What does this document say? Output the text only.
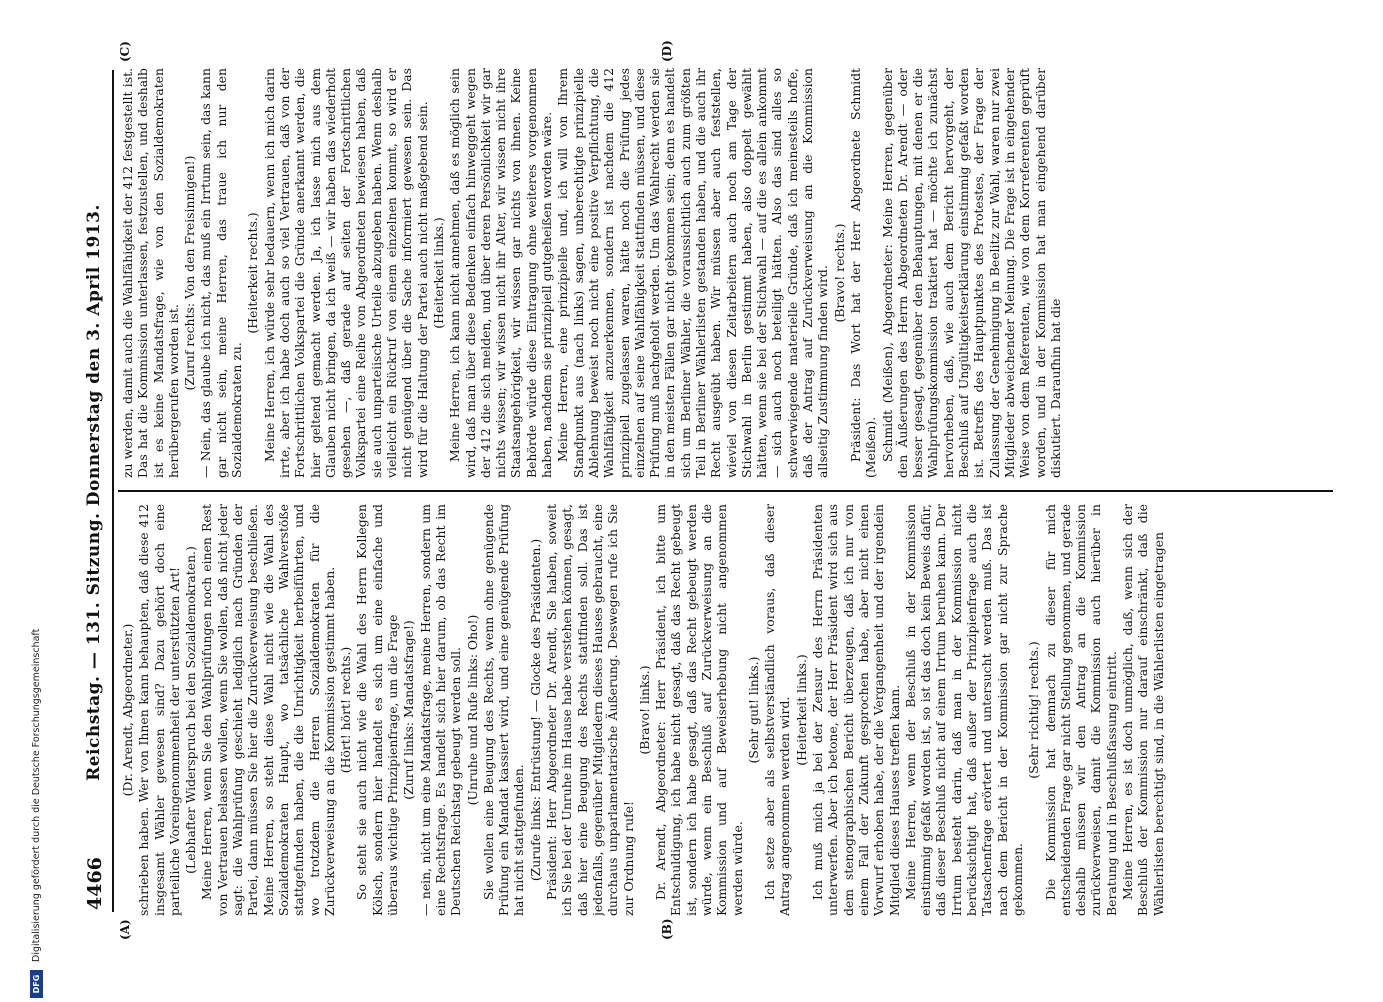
4466
Reichstag. — 131. Sitzung. Donnerstag den 3. April 1913.
(A)	(B)
(C)	(D)

(Dr. Arendt, Abgeordneter.) schrieben haben. Wer von Ihnen kann behaupten, daß diese 412 insgesamt Wähler gewesen sind? Dazu gehört doch eine parteiliche Voreingenommenheit der unterstützten Art! (Lebhafter Widerspruch bei den Sozialdemokraten.) Meine Herren, wenn Sie den Wahlprüfungen noch einen Rest von Vertrauen belassen wollen, wenn Sie wollen, daß nicht jeder sagt: die Wahlprüfung geschieht lediglich nach Gründen der Partei, dann müssen Sie hier die Zurückverweisung beschließen. Meine Herren, so steht diese Wahl nicht wie die Wahl des Sozialdemokraten Haupt, wo tatsächliche Wahlverstöße stattgefunden haben, die die Unrichtigkeit herbeiführten, und wo trotzdem die Herren Sozialdemokraten für die Zurückverweisung an die Kommission gestimmt haben. (Hört! hört! rechts.) So steht sie auch nicht wie die Wahl des Herrn Kollegen Kölsch, sondern hier handelt es sich um eine einfache und überaus wichtige Prinzipienfrage, um die Frage (Zuruf links: Mandatsfrage!) — nein, nicht um eine Mandatsfrage, meine Herren, sondern um eine Rechtsfrage. Es handelt sich hier darum, ob das Recht im Deutschen Reichstag gebeugt werden soll. (Unruhe und Rufe links: Oho!) Sie wollen eine Beugung des Rechts, wenn ohne genügende Prüfung ein Mandat kassiert wird, und eine genügende Prüfung hat nicht stattgefunden. (Zurufe links: Entrüstung! — Glocke des Präsidenten.) Präsident: Herr Abgeordneter Dr. Arendt, Sie haben, soweit ich Sie bei der Unruhe im Hause habe verstehen können, gesagt, daß hier eine Beugung des Rechts stattfinden soll. Das ist jedenfalls, gegenüber Mitgliedern dieses Hauses gebraucht, eine durchaus unparlamentarische Äußerung. Deswegen rufe ich Sie zur Ordnung rufe!

(Bravo! links.) Dr. Arendt, Abgeordneter: Herr Präsident, ich bitte um Entschuldigung, ich habe nicht gesagt, daß das Recht gebeugt ist, sondern ich habe gesagt, daß das Recht gebeugt werden würde, wenn ein Beschluß auf Zurückverweisung an die Kommission und auf Beweiserhebung nicht angenommen werden würde.

(Sehr gut! links.) Ich setze aber als selbstverständlich voraus, daß dieser Antrag angenommen werden wird. (Heiterkeit links.) Ich muß mich ja bei der Zensur des Herrn Präsidenten unterwerfen. Aber ich betone, der Herr Präsident wird sich aus dem stenographischen Bericht überzeugen, daß ich nur von einem Fall der Zukunft gesprochen habe, aber nicht einen Vorwurf erhoben habe, der die Vergangenheit und der irgendein Mitglied dieses Hauses treffen kann. Meine Herren, wenn der Beschluß in der Kommission einstimmig gefaßt worden ist, so ist das doch kein Beweis dafür, daß dieser Beschluß nicht auf einem Irrtum beruhen kann. Der Irrtum besteht darin, daß man in der Kommission nicht berücksichtigt hat, daß außer der Prinzipienfrage auch die Tatsachenfrage erörtert und untersucht werden muß. Das ist nach dem Bericht in der Kommission gar nicht zur Sprache gekommen.

(Sehr richtig! rechts.) Die Kommission hat demnach zu dieser für mich entscheidenden Frage gar nicht Stellung genommen, und gerade deshalb müssen wir den Antrag an die Kommission zurückverweisen, damit die Kommission auch hierüber in Beratung und in Beschlußfassung eintritt. Meine Herren, es ist doch unmöglich, daß, wenn sich der Beschluß der Kommission nur darauf einschränkt, daß die Wählerlisten berechtigt sind, in die Wählerlisten eingetragen

zu werden, damit auch die Wahlfähigkeit der 412 festgestellt ist. Das hat die Kommission unterlassen, festzustellen, und deshalb ist es keine Mandatsfrage, wie von den Sozialdemokraten herübergerufen worden ist.

(Zuruf rechts: Von den Freisinnigen!) — Nein, das glaube ich nicht, das muß ein Irrtum sein, das kann gar nicht sein, meine Herren, das traue ich nur den Sozialdemokraten zu.

(Heiterkeit rechts.) Meine Herren, ich würde sehr bedauern, wenn ich mich darin irrte, aber ich habe doch auch so viel Vertrauen, daß von der Fortschrittlichen Volkspartei die Gründe anerkannt werden, die hier geltend gemacht werden. Ja, ich lasse mich aus dem Glauben nicht bringen, da ich weiß — wir haben das wiederholt gesehen —, daß gerade auf seiten der Fortschrittlichen Volkspartei eine Reihe von Abgeordneten bewiesen haben, daß sie auch unparteiische Urteile abzugeben haben. Wenn deshalb vielleicht ein Rückruf von einem einzelnen kommt, so wird er nicht genügend über die Sache informiert gewesen sein. Das wird für die Haltung der Partei auch nicht maßgebend sein. (Heiterkeit links.) Meine Herren, ich kann nicht annehmen, daß es möglich sein wird, daß man über diese Bedenken einfach hinweggeht wegen der 412 die sich melden, und über deren Persönlichkeit wir gar nichts wissen; wir wissen nicht ihr Alter, wir wissen nicht ihre Staatsangehörigkeit, wir wissen gar nichts von ihnen. Keine Behörde würde diese Eintragung ohne weiteres vorgenommen haben, nachdem sie prinzipiell gutgeheißen worden wäre. Meine Herren, eine prinzipielle und, ich will von Ihrem Standpunkt aus (nach links) sagen, unberechtigte prinzipielle Ablehnung beweist noch nicht eine positive Verpflichtung, die Wahlfähigkeit anzuerkennen, sondern ist nachdem die 412 prinzipiell zugelassen waren, hätte noch die Prüfung jedes einzelnen auf seine Wahlfähigkeit stattfinden müssen, und diese Prüfung muß nachgeholt werden. Um das Wahlrecht werden sie in den meisten Fällen gar nicht gekommen sein; denn es handelt sich um Berliner Wähler, die voraussichtlich auch zum größten Teil in Berliner Wählerlisten gestanden haben, und die auch ihr Recht ausgeübt haben. Wir müssen aber auch feststellen, wieviel von diesen Zeitarbeitern auch noch am Tage der Stichwahl in Berlin gestimmt haben, also doppelt gewählt hätten, wenn sie bei der Stichwahl — auf die es allein ankommt — sich auch noch beteiligt hätten. Also das sind alles so schwerwiegende materielle Gründe, daß ich meinesteils hoffe, daß der Antrag auf Zurückverweisung an die Kommission allseitig Zustimmung finden wird. (Bravo! rechts.) Präsident: Das Wort hat der Herr Abgeordnete Schmidt (Meißen). Schmidt (Meißen), Abgeordneter: Meine Herren, gegenüber den Äußerungen des Herrn Abgeordneten Dr. Arendt — oder besser gesagt, gegenüber den Behauptungen, mit denen er die Wahlprüfungskommission traktiert hat — möchte ich zunächst hervorheben, daß, wie auch dem Bericht hervorgeht, der Beschluß auf Ungültigkeitserklärung einstimmig gefaßt worden ist. Betreffs des Hauptpunktes des Protestes, der Frage der Zulassung der Genehmigung in Beelitz zur Wahl, waren nur zwei Mitglieder abweichender Meinung. Die Frage ist in eingehender Weise von dem Referenten, wie von dem Korreferenten geprüft worden, und in der Kommission hat man eingehend darüber diskutiert. Daraufhin hat die

DFG
Digitalisierung gefördert durch die Deutsche Forschungsgemeinschaft
